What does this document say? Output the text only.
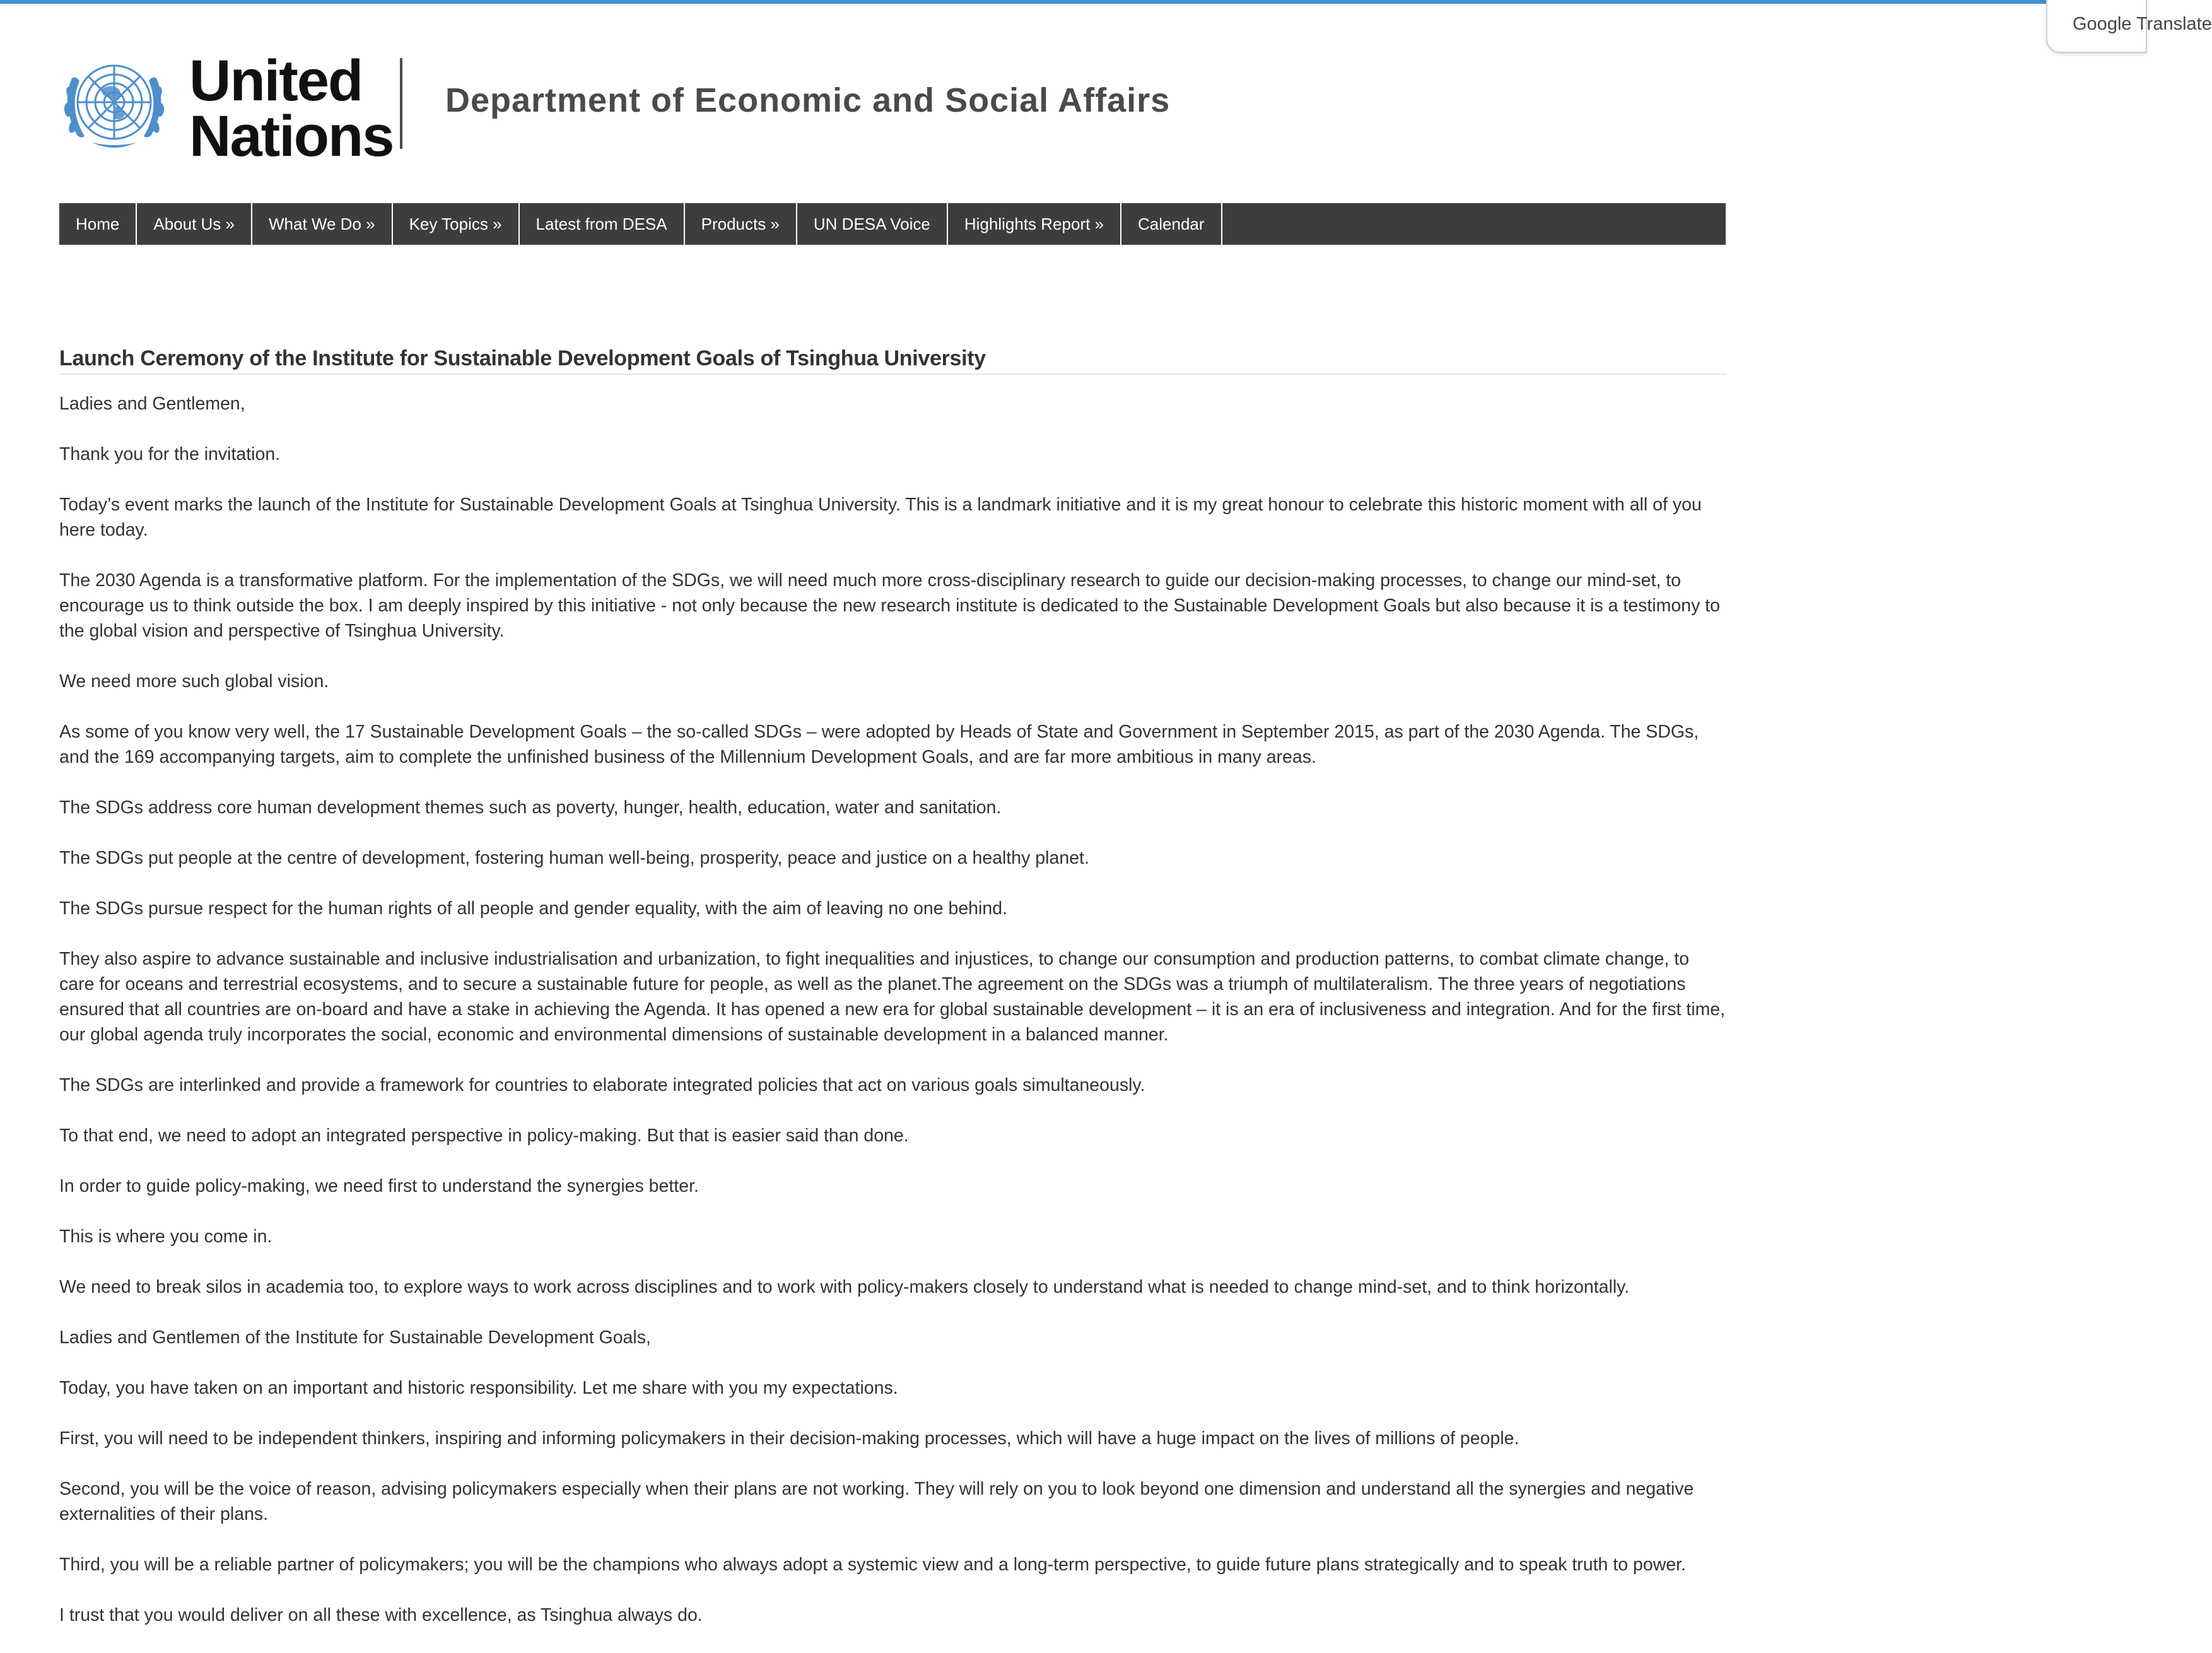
Google Translate
United
Nations
Department of Economic and Social Affairs
Home	About Us »	What We Do »	Key Topics »	Latest from DESA	Products »	UN DESA Voice	Highlights Report »	Calendar
Launch Ceremony of the Institute for Sustainable Development Goals of Tsinghua University

Ladies and Gentlemen,

Thank you for the invitation.

Today’s event marks the launch of the Institute for Sustainable Development Goals at Tsinghua University. This is a landmark initiative and it is my great honour to celebrate this historic moment with all of you here today.

The 2030 Agenda is a transformative platform. For the implementation of the SDGs, we will need much more cross-disciplinary research to guide our decision-making processes, to change our mind-set, to encourage us to think outside the box. I am deeply inspired by this initiative - not only because the new research institute is dedicated to the Sustainable Development Goals but also because it is a testimony to the global vision and perspective of Tsinghua University.

We need more such global vision.

As some of you know very well, the 17 Sustainable Development Goals – the so-called SDGs – were adopted by Heads of State and Government in September 2015, as part of the 2030 Agenda. The SDGs, and the 169 accompanying targets, aim to complete the unfinished business of the Millennium Development Goals, and are far more ambitious in many areas.

The SDGs address core human development themes such as poverty, hunger, health, education, water and sanitation.

The SDGs put people at the centre of development, fostering human well-being, prosperity, peace and justice on a healthy planet.

The SDGs pursue respect for the human rights of all people and gender equality, with the aim of leaving no one behind.

They also aspire to advance sustainable and inclusive industrialisation and urbanization, to fight inequalities and injustices, to change our consumption and production patterns, to combat climate change, to care for oceans and terrestrial ecosystems, and to secure a sustainable future for people, as well as the planet.The agreement on the SDGs was a triumph of multilateralism. The three years of negotiations ensured that all countries are on-board and have a stake in achieving the Agenda. It has opened a new era for global sustainable development – it is an era of inclusiveness and integration. And for the first time, our global agenda truly incorporates the social, economic and environmental dimensions of sustainable development in a balanced manner.

The SDGs are interlinked and provide a framework for countries to elaborate integrated policies that act on various goals simultaneously.

To that end, we need to adopt an integrated perspective in policy-making. But that is easier said than done.

In order to guide policy-making, we need first to understand the synergies better.

This is where you come in.

We need to break silos in academia too, to explore ways to work across disciplines and to work with policy-makers closely to understand what is needed to change mind-set, and to think horizontally.

Ladies and Gentlemen of the Institute for Sustainable Development Goals,

Today, you have taken on an important and historic responsibility. Let me share with you my expectations.

First, you will need to be independent thinkers, inspiring and informing policymakers in their decision-making processes, which will have a huge impact on the lives of millions of people.

Second, you will be the voice of reason, advising policymakers especially when their plans are not working. They will rely on you to look beyond one dimension and understand all the synergies and negative externalities of their plans.

Third, you will be a reliable partner of policymakers; you will be the champions who always adopt a systemic view and a long-term perspective, to guide future plans strategically and to speak truth to power.

I trust that you would deliver on all these with excellence, as Tsinghua always do.
